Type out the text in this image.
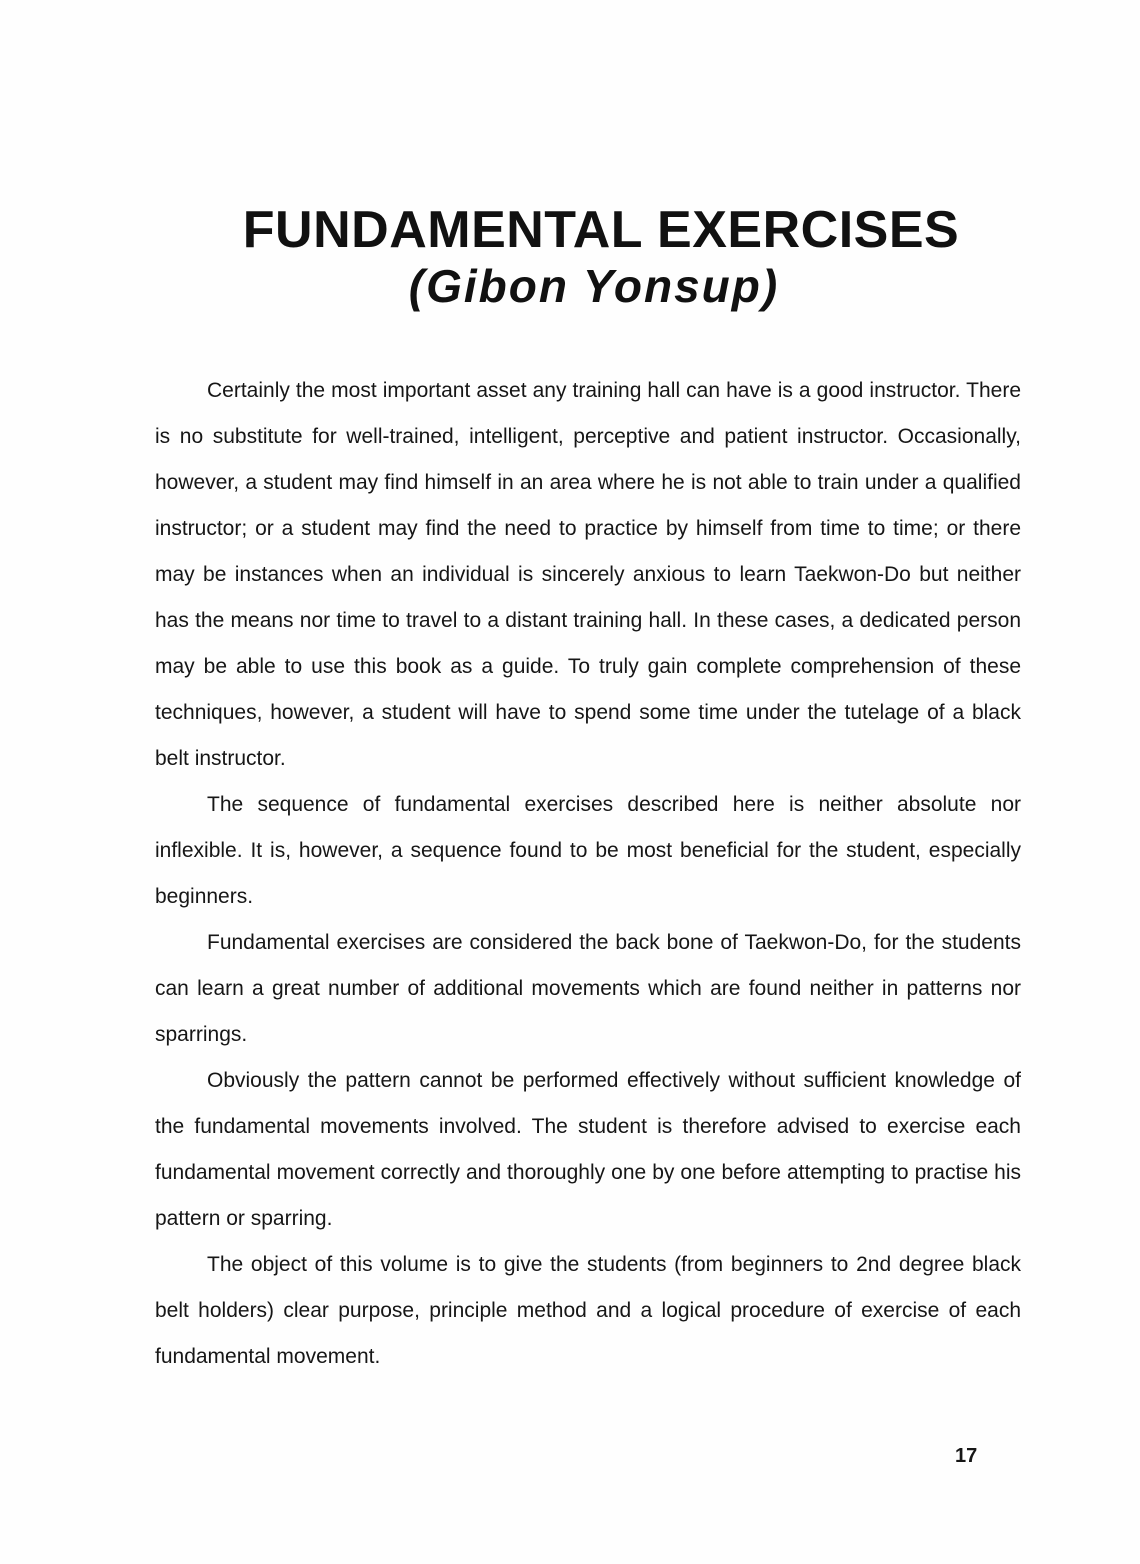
FUNDAMENTAL EXERCISES
(Gibon Yonsup)

Certainly the most important asset any training hall can have is a good instructor. There is no substitute for well-trained, intelligent, perceptive and patient instructor. Occasionally, however, a student may find himself in an area where he is not able to train under a qualified instructor; or a student may find the need to practice by himself from time to time; or there may be instances when an individual is sincerely anxious to learn Taekwon-Do but neither has the means nor time to travel to a distant training hall. In these cases, a dedicated person may be able to use this book as a guide. To truly gain complete comprehension of these techniques, however, a student will have to spend some time under the tutelage of a black belt instructor.

The sequence of fundamental exercises described here is neither absolute nor inflexible. It is, however, a sequence found to be most beneficial for the student, especially beginners.

Fundamental exercises are considered the back bone of Taekwon-Do, for the students can learn a great number of additional movements which are found neither in patterns nor sparrings.

Obviously the pattern cannot be performed effectively without sufficient knowledge of the fundamental movements involved. The student is therefore advised to exercise each fundamental movement correctly and thoroughly one by one before attempting to practise his pattern or sparring.

The object of this volume is to give the students (from beginners to 2nd degree black belt holders) clear purpose, principle method and a logical procedure of exercise of each fundamental movement.

17
